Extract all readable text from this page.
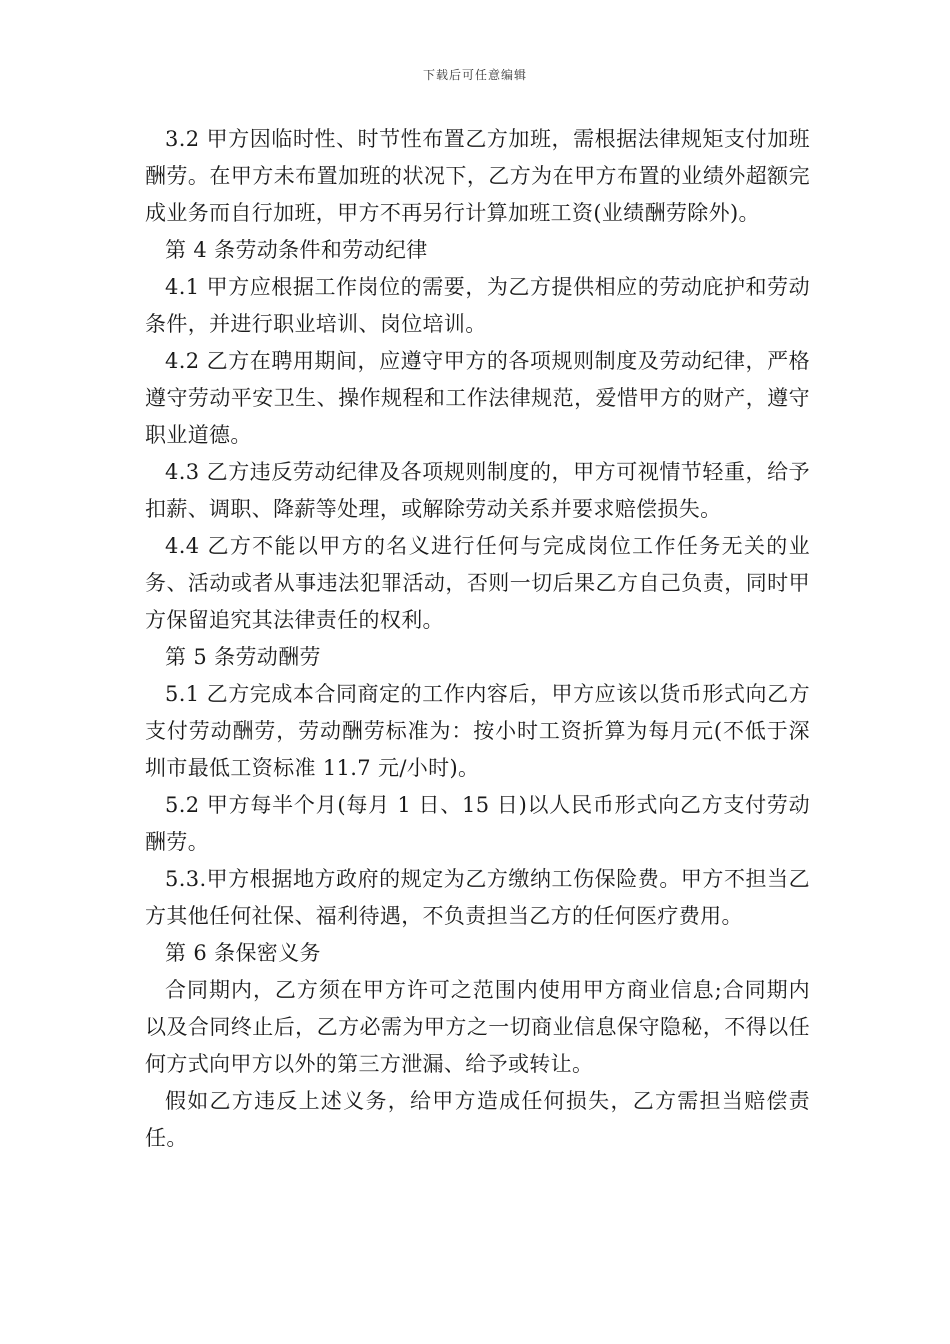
下载后可任意编辑

3.2 甲方因临时性、时节性布置乙方加班，需根据法律规矩支付加班酬劳。在甲方未布置加班的状况下，乙方为在甲方布置的业绩外超额完成业务而自行加班，甲方不再另行计算加班工资(业绩酬劳除外)。

第 4 条劳动条件和劳动纪律

4.1 甲方应根据工作岗位的需要，为乙方提供相应的劳动庇护和劳动条件，并进行职业培训、岗位培训。

4.2 乙方在聘用期间，应遵守甲方的各项规则制度及劳动纪律，严格遵守劳动平安卫生、操作规程和工作法律规范，爱惜甲方的财产，遵守职业道德。

4.3 乙方违反劳动纪律及各项规则制度的，甲方可视情节轻重，给予扣薪、调职、降薪等处理，或解除劳动关系并要求赔偿损失。

4.4 乙方不能以甲方的名义进行任何与完成岗位工作任务无关的业务、活动或者从事违法犯罪活动，否则一切后果乙方自己负责，同时甲方保留追究其法律责任的权利。

第 5 条劳动酬劳

5.1 乙方完成本合同商定的工作内容后，甲方应该以货币形式向乙方支付劳动酬劳，劳动酬劳标准为：按小时工资折算为每月元(不低于深圳市最低工资标准 11.7 元/小时)。

5.2 甲方每半个月(每月 1 日、15 日)以人民币形式向乙方支付劳动酬劳。

5.3.甲方根据地方政府的规定为乙方缴纳工伤保险费。甲方不担当乙方其他任何社保、福利待遇，不负责担当乙方的任何医疗费用。

第 6 条保密义务

合同期内，乙方须在甲方许可之范围内使用甲方商业信息;合同期内以及合同终止后，乙方必需为甲方之一切商业信息保守隐秘，不得以任何方式向甲方以外的第三方泄漏、给予或转让。

假如乙方违反上述义务，给甲方造成任何损失，乙方需担当赔偿责任。
